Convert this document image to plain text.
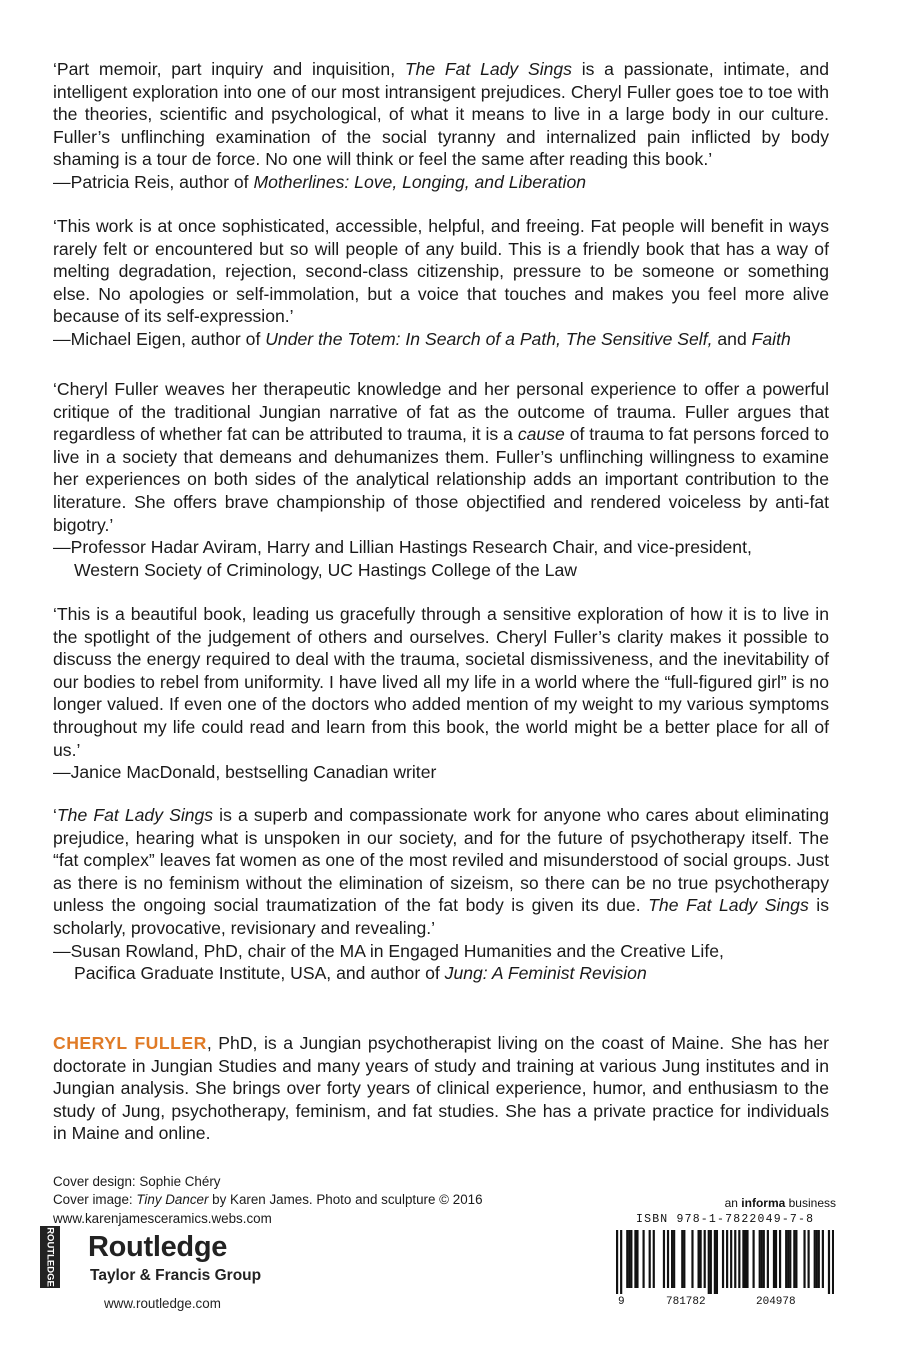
‘Part memoir, part inquiry and inquisition, The Fat Lady Sings is a passionate, intimate, and intelligent exploration into one of our most intransigent prejudices. Cheryl Fuller goes toe to toe with the theories, scientific and psychological, of what it means to live in a large body in our culture. Fuller’s unflinching examination of the social tyranny and internalized pain inflicted by body shaming is a tour de force. No one will think or feel the same after reading this book.’

—Patricia Reis, author of Motherlines: Love, Longing, and Liberation

‘This work is at once sophisticated, accessible, helpful, and freeing. Fat people will benefit in ways rarely felt or encountered but so will people of any build. This is a friendly book that has a way of melting degradation, rejection, second-class citizenship, pressure to be someone or something else. No apologies or self-immolation, but a voice that touches and makes you feel more alive because of its self-expression.’

—Michael Eigen, author of Under the Totem: In Search of a Path, The Sensitive Self, and Faith

‘Cheryl Fuller weaves her therapeutic knowledge and her personal experience to offer a powerful critique of the traditional Jungian narrative of fat as the outcome of trauma. Fuller argues that regardless of whether fat can be attributed to trauma, it is a cause of trauma to fat persons forced to live in a society that demeans and dehumanizes them. Fuller’s unflinching willingness to examine her experiences on both sides of the analytical relationship adds an important contribution to the literature. She offers brave championship of those objectified and rendered voiceless by anti-fat bigotry.’

—Professor Hadar Aviram, Harry and Lillian Hastings Research Chair, and vice-president,
Western Society of Criminology, UC Hastings College of the Law

‘This is a beautiful book, leading us gracefully through a sensitive exploration of how it is to live in the spotlight of the judgement of others and ourselves. Cheryl Fuller’s clarity makes it possible to discuss the energy required to deal with the trauma, societal dismissiveness, and the inevitability of our bodies to rebel from uniformity. I have lived all my life in a world where the “full-figured girl” is no longer valued. If even one of the doctors who added mention of my weight to my various symptoms throughout my life could read and learn from this book, the world might be a better place for all of us.’

—Janice MacDonald, bestselling Canadian writer

‘The Fat Lady Sings is a superb and compassionate work for anyone who cares about eliminating prejudice, hearing what is unspoken in our society, and for the future of psychotherapy itself. The “fat complex” leaves fat women as one of the most reviled and misunderstood of social groups. Just as there is no feminism without the elimination of sizeism, so there can be no true psychotherapy unless the ongoing social traumatization of the fat body is given its due. The Fat Lady Sings is scholarly, provocative, revisionary and revealing.’

—Susan Rowland, PhD, chair of the MA in Engaged Humanities and the Creative Life,
Pacifica Graduate Institute, USA, and author of Jung: A Feminist Revision

CHERYL FULLER, PhD, is a Jungian psychotherapist living on the coast of Maine. She has her doctorate in Jungian Studies and many years of study and training at various Jung institutes and in Jungian analysis. She brings over forty years of clinical experience, humor, and enthusiasm to the study of Jung, psychotherapy, feminism, and fat studies. She has a private practice for individuals in Maine and online.

Cover design: Sophie Chéry

Cover image: Tiny Dancer by Karen James. Photo and sculpture © 2016

www.karenjamesceramics.webs.com

ROUTLEDGE Routledge
Taylor & Francis Group
www.routledge.com
an informa business
ISBN 978-1-7822049-7-8
9	781782	204978
